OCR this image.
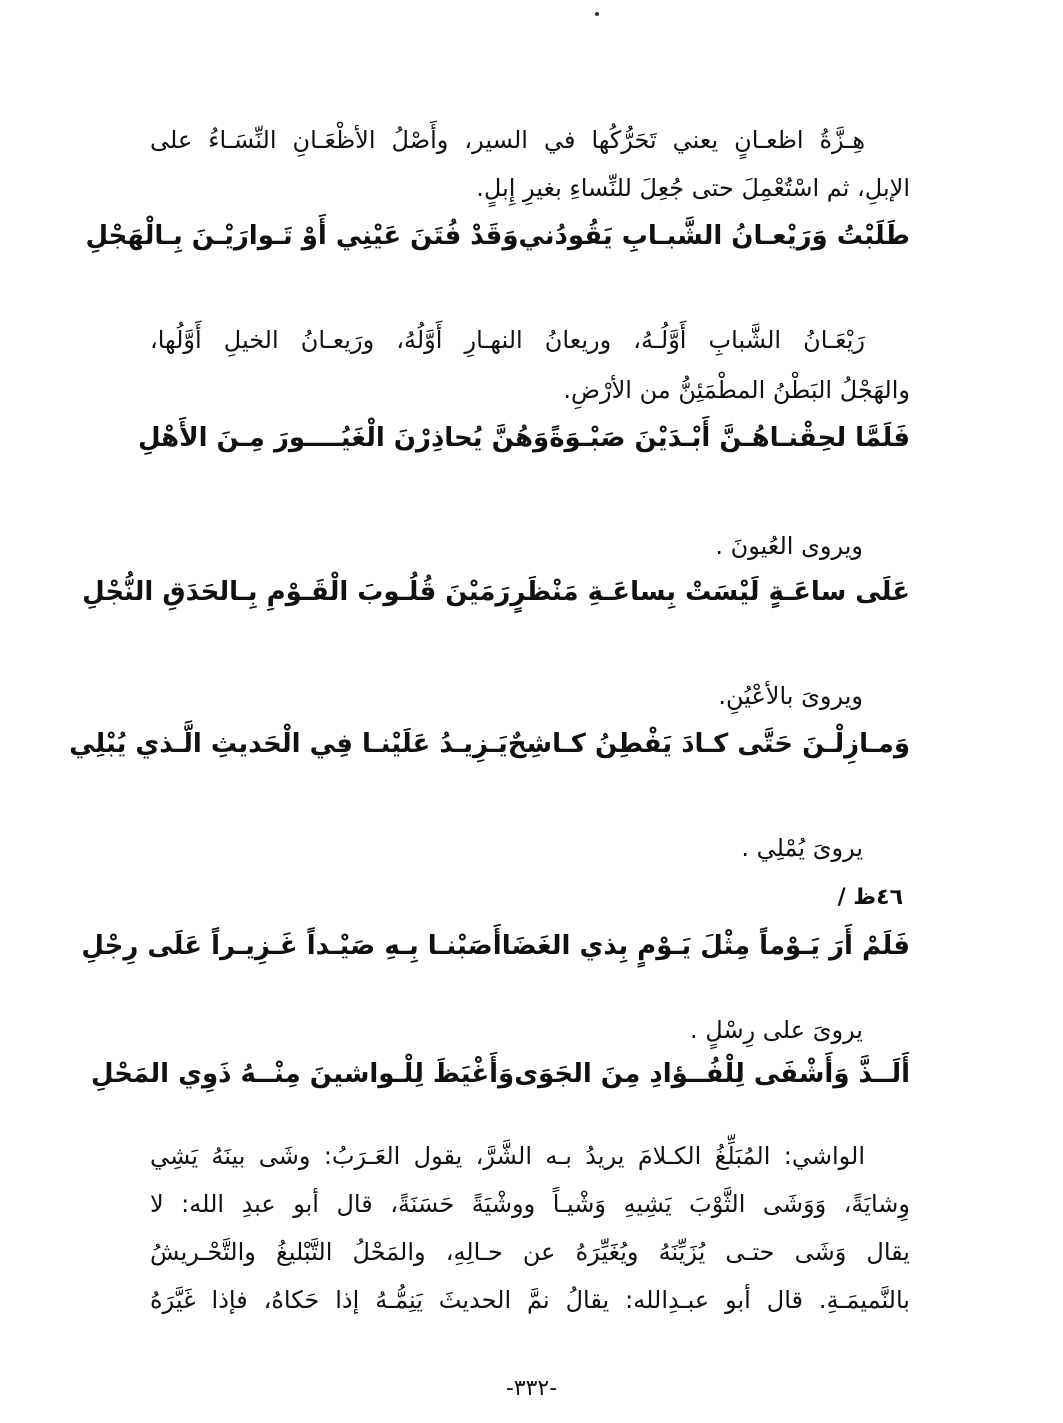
هِـزَّةُ اظعـانٍ يعني تَحَرُّكُها في السير، وأَصْلُ الأظْعَـانِ النِّسَـاءُ على
الإبلِ، ثم اسْتُعْمِلَ حتى جُعِلَ للنِّساءِ بغيرِ إِبلٍ.
طَلَبْتُ وَرَيْعـانُ الشَّبـابِ يَقُودُني
وَقَدْ فُتَنَ عَيْنِي أَوْ تَـوارَيْـنَ بِـالْهَجْلِ
رَيْعَـانُ الشَّبابِ أَوَّلُـهُ، وريعانُ النهـارِ أَوَّلُهُ، ورَيعـانُ الخيلِ أَوَّلُها،
والهَجْلُ البَطْنُ المطْمَئِنُّ من الأرْضِ.
فَلَمَّا لحِقْنـاهُـنَّ أَبْـدَيْنَ صَبْـوَةً
وَهُنَّ يُحاذِرْنَ الْغَيُــــورَ مِـنَ الأَهْلِ
ويروى العُيونَ .
عَلَى ساعَـةٍ لَيْسَتْ بِساعَـةِ مَنْظَرٍ
رَمَيْنَ قُلُـوبَ الْقَـوْمِ بِـالحَدَقِ النُّجْلِ
ويروىَ بالأعْيُنِ.
وَمـازِلْـنَ حَتَّى كـادَ يَفْطِنُ كـاشِحٌ
يَـزِيـدُ عَلَيْنـا فِي الْحَديثِ الَّـذي يُبْلِي
يروىَ يُمْلِي .
٤٦ظ /
فَلَمْ أَرَ يَـوْماً مِثْلَ يَـوْمٍ بِذي الغَضَا
أَصَبْنـا بِـهِ صَيْـداً غَـزِيـراً عَلَى رِجْلِ
يروىَ على رِسْلٍ .
أَلَــذَّ وَأَشْفَى لِلْفُــؤادِ مِنَ الجَوَى
وَأَغْيَظَ لِلْـواشينَ مِنْــهُ ذَوِي المَحْلِ
الواشي: المُبَلِّغُ الكـلامَ يريدُ بـه الشَّرَّ، يقول العَـرَبُ: وشَى بينَهُ يَشِي
وِشايَةً، وَوَشَى الثَّوْبَ يَشِيهِ وَشْيـاً ووشْيَةً حَسَنَةً، قال أبو عبدِ الله: لا
يقال وَشَى حتـى يُزَيِّنَهُ ويُغَيِّرَهُ عن حـالِهِ، والمَحْلُ التَّبْليغُ والتَّحْـريشُ
بالنَّميمَـةِ. قال أبو عبـدِالله: يقالُ نمَّ الحديثَ يَنِمُّـهُ إذا حَكاهُ، فإذا غَيَّرَهُ
-٣٣٢-
